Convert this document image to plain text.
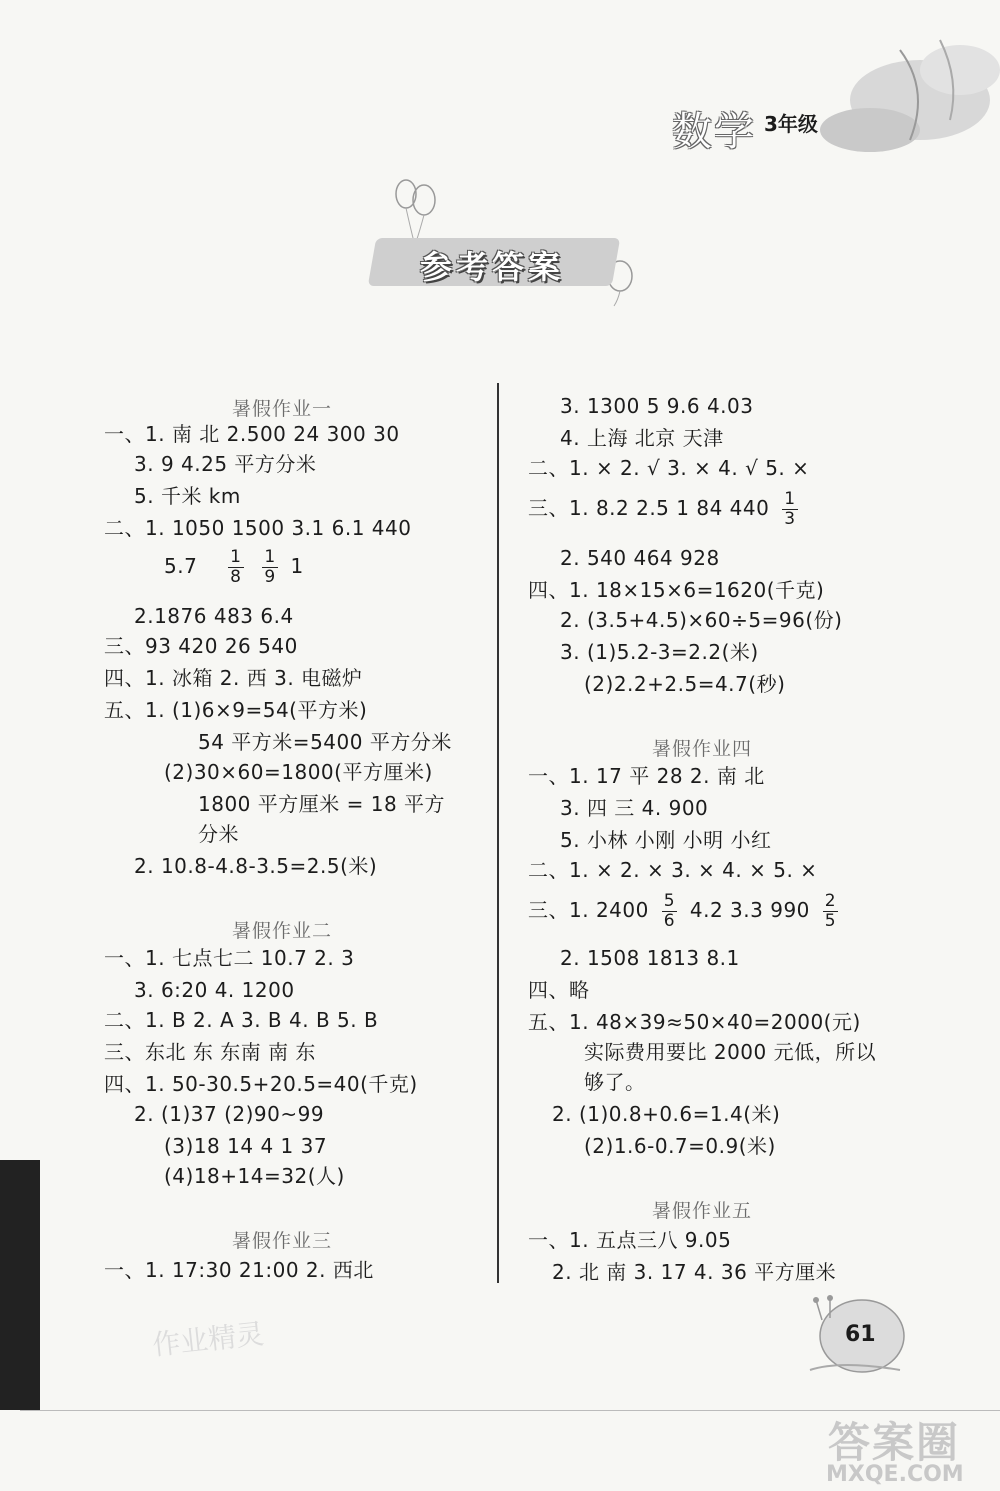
参考答案
数学 3年级
暑假作业一
一、1. 南 北 2.500 24 300 30
3. 9 4.25 平方分米
5. 千米 km
二、1. 1050 1500 3.1 6.1 440
$5.7 \frac{1}{8}$
$\frac{1}{9} 1$
2.1876 483 6.4
三、93 420 26 540
四、1. 冰箱 2. 西 3. 电磁炉
五、1. (1)6×9=54(平方米)
54 平方米=5400 平方分米
(2)30×60=1800(平方厘米)
1800 平方厘米 = 18 平方
分米
2. 10.8-4.8-3.5=2.5(米)
暑假作业二
一、1. 七点七二 10.7 2. 3
3. 6:20 4. 1200
二、1. B 2. A 3. B 4. B 5. B
三、东北 东 东南 南 东
四、1. 50-30.5+20.5=40(千克)
2. (1)37 (2)90~99
(3)18 14 4 1 37
(4)18+14=32(人)
暑假作业三
一、1. 17:30 21:00 2. 西北
3. 1300 5 9.6 4.03
4. 上海 北京 天津
二、1. × 2. √ 3. × 4. √ 5. ×
三、1. 8.2 2.5 1 84 $440 \frac{1}{3}$
2. 540 464 928
四、1. 18×15×6=1620(千克)
2. (3.5+4.5)×60÷5=96(份)
3. (1)5.2-3=2.2(米)
(2)2.2+2.5=4.7(秒)
暑假作业四
一、1. 17 平 28 2. 南 北
3. 四 三 4. 900
5. 小林 小刚 小明 小红
二、1. × 2. × 3. × 4. × 5. ×
三、1. $2400 \frac{5}{6} 4.2$ 3.3 $990 \frac{2}{5}$
2. 1508 1813 8.1
四、略
五、1. 48×39≈50×40=2000(元)
实际费用要比 2000 元低，所以
够了。
2. (1)0.8+0.6=1.4(米)
(2)1.6-0.7=0.9(米)
暑假作业五
一、1. 五点三八 9.05
2. 北 南 3. 17 4. 36 平方厘米
61
作业精灵
答案圈
MXQE.COM
